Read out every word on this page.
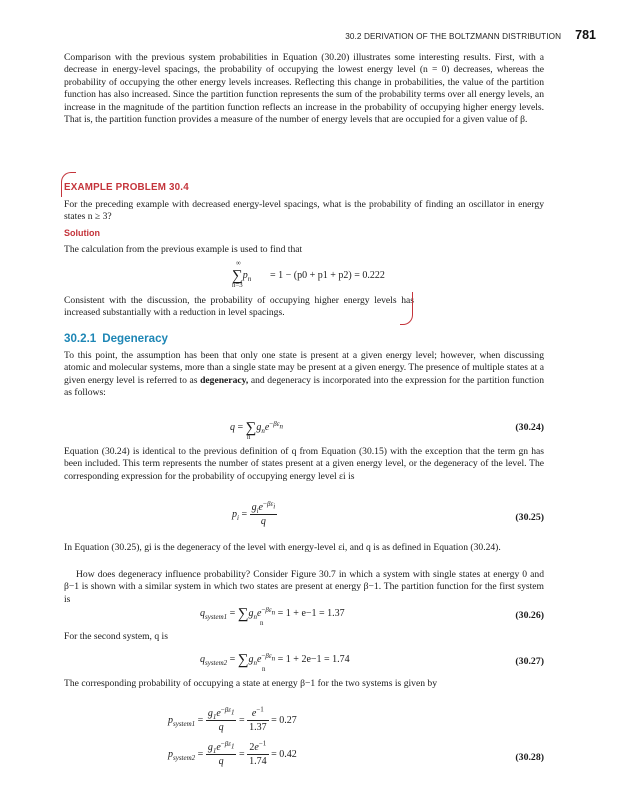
30.2 DERIVATION OF THE BOLTZMANN DISTRIBUTION 781

Comparison with the previous system probabilities in Equation (30.20) illustrates some interesting results. First, with a decrease in energy-level spacings, the probability of occupying the lowest energy level (n = 0) decreases, whereas the probability of occupying the other energy levels increases. Reflecting this change in probabilities, the value of the partition function has also increased. Since the partition function represents the sum of the probability terms over all energy levels, an increase in the magnitude of the partition function reflects an increase in the probability of occupying higher energy levels. That is, the partition function provides a measure of the number of energy levels that are occupied for a given value of β.

EXAMPLE PROBLEM 30.4

For the preceding example with decreased energy-level spacings, what is the probability of finding an oscillator in energy states n ≥ 3?

Solution

The calculation from the previous example is used to find that

∞
$\sum p_n = 1 - (p0 + p1 + p2) = 0.222$
n=3

Consistent with the discussion, the probability of occupying higher energy levels has increased substantially with a reduction in level spacings.

30.2.1 Degeneracy

To this point, the assumption has been that only one state is present at a given energy level; however, when discussing atomic and molecular systems, more than a single state may be present at a given energy. The presence of multiple states at a given energy level is referred to as degeneracy, and degeneracy is incorporated into the expression for the partition function as follows:

$q = \sum g_ne^{-\beta\varepsilon_n}$
n
(30.24)

Equation (30.24) is identical to the previous definition of q from Equation (30.15) with the exception that the term gn has been included. This term represents the number of states present at a given energy level, or the degeneracy of the level. The corresponding expression for the probability of occupying energy level εi is

$p_i = \frac{g_ie^{-\beta\varepsilon_i}}{q}$	(30.25)

In Equation (30.25), gi is the degeneracy of the level with energy-level εi, and q is as defined in Equation (30.24).

How does degeneracy influence probability? Consider Figure 30.7 in which a system with single states at energy 0 and β−1 is shown with a similar system in which two states are present at energy β−1. The partition function for the first system is

$q_{system1} = \sum g_ne^{-\beta\varepsilon_n} = 1 + e-1 = 1.37$
n
(30.26)

For the second system, q is

$q_{system2} = \sum g_ne^{-\beta\varepsilon_n} = 1 + 2e-1 = 1.74$
n
(30.27)

The corresponding probability of occupying a state at energy β−1 for the two systems is given by

$p_{system1} = \frac{g_1e^{-\beta\varepsilon_1}}{q} = \frac{e^{-1}}{1.37} = 0.27$
$p_{system2} = \frac{g_1e^{-\beta\varepsilon_1}}{q} = \frac{2e^{-1}}{1.74} = 0.42$	(30.28)
